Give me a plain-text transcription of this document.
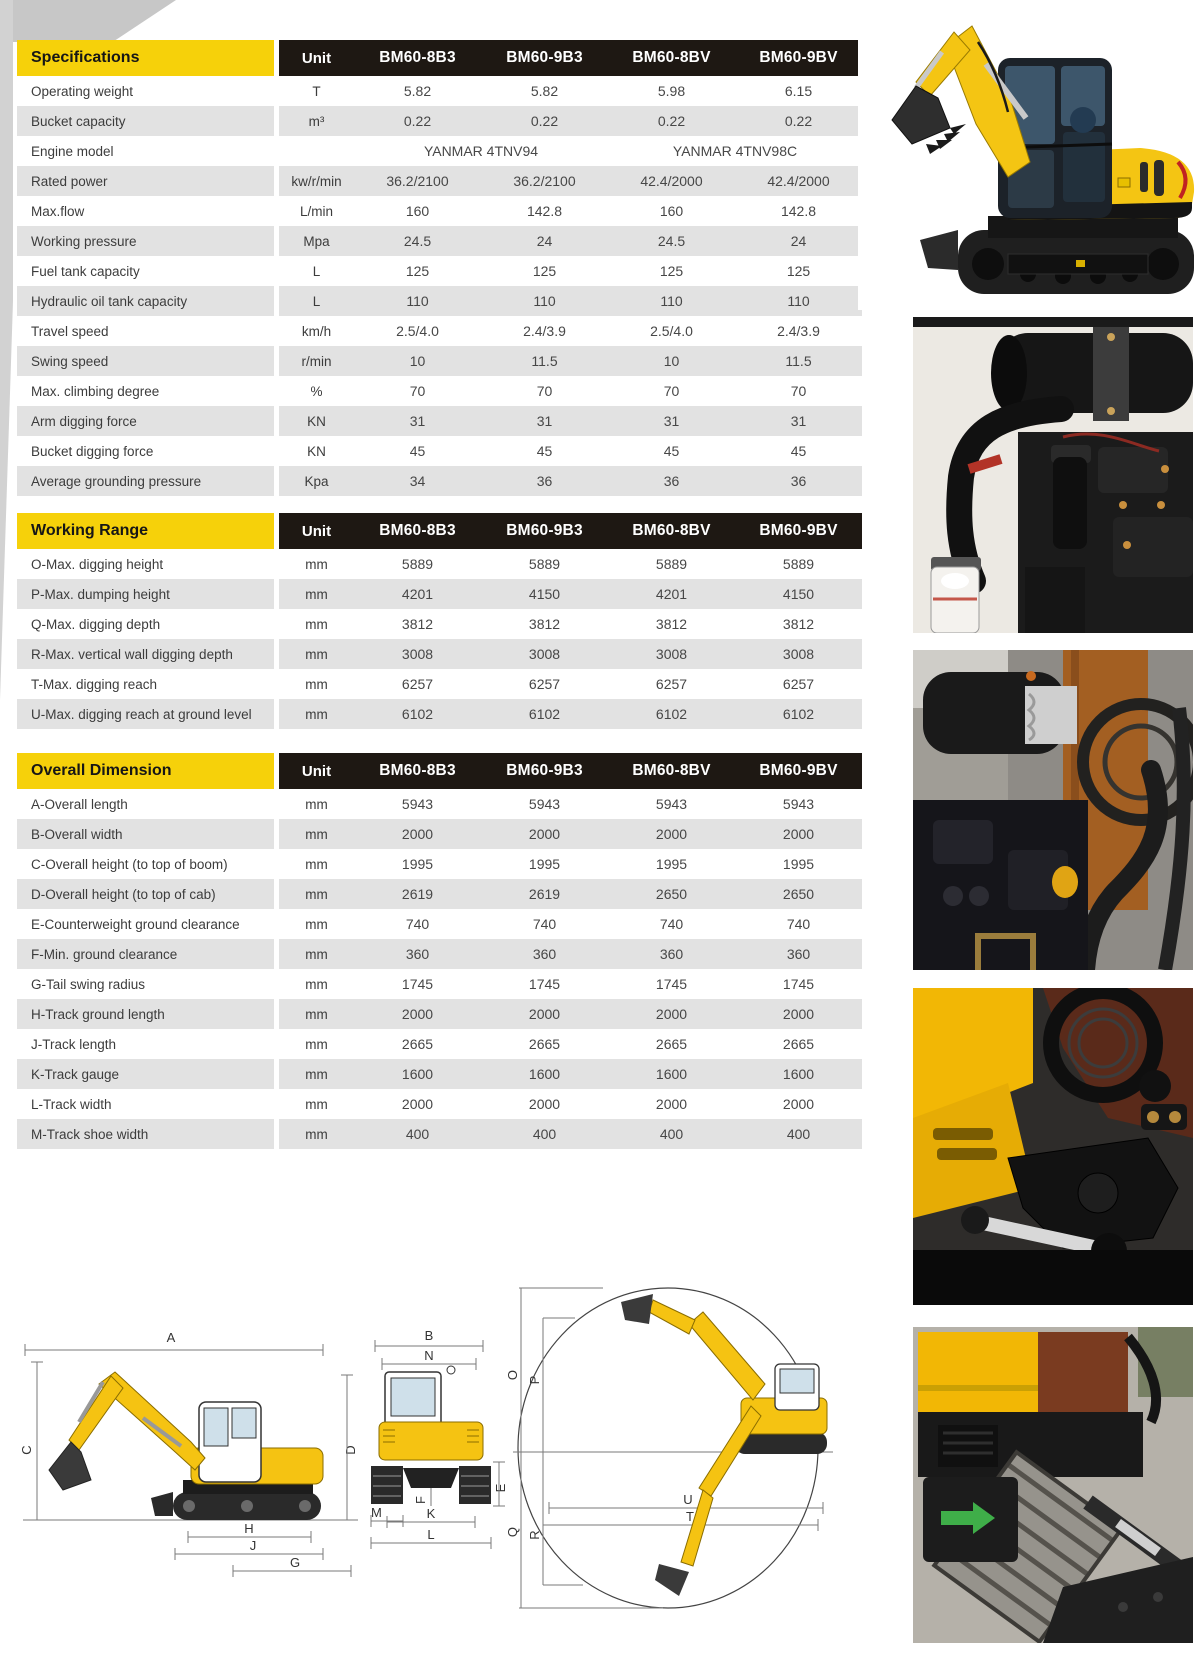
Specifications	Unit	BM60-8B3	BM60-9B3	BM60-8BV	BM60-9BV
Operating weight	T	5.82	5.82	5.98	6.15
Bucket capacity	m³	0.22	0.22	0.22	0.22
Engine model	YANMAR 4TNV94	YANMAR 4TNV98C
Rated power	kw/r/min	36.2/2100	36.2/2100	42.4/2000	42.4/2000
Max.flow	L/min	160	142.8	160	142.8
Working pressure	Mpa	24.5	24	24.5	24
Fuel tank capacity	L	125	125	125	125
Hydraulic oil tank capacity	L	110	110	110	110
Travel speed	km/h	2.5/4.0	2.4/3.9	2.5/4.0	2.4/3.9
Swing speed	r/min	10	11.5	10	11.5
Max. climbing degree	%	70	70	70	70
Arm digging force	KN	31	31	31	31
Bucket digging force	KN	45	45	45	45
Average grounding pressure	Kpa	34	36	36	36
Working Range	Unit	BM60-8B3	BM60-9B3	BM60-8BV	BM60-9BV
O-Max. digging height	mm	5889	5889	5889	5889
P-Max. dumping height	mm	4201	4150	4201	4150
Q-Max. digging depth	mm	3812	3812	3812	3812
R-Max. vertical wall digging depth	mm	3008	3008	3008	3008
T-Max. digging reach	mm	6257	6257	6257	6257
U-Max. digging reach at ground level	mm	6102	6102	6102	6102
Overall Dimension	Unit	BM60-8B3	BM60-9B3	BM60-8BV	BM60-9BV
A-Overall length	mm	5943	5943	5943	5943
B-Overall width	mm	2000	2000	2000	2000
C-Overall height (to top of boom)	mm	1995	1995	1995	1995
D-Overall height (to top of cab)	mm	2619	2619	2650	2650
E-Counterweight ground clearance	mm	740	740	740	740
F-Min. ground clearance	mm	360	360	360	360
G-Tail swing radius	mm	1745	1745	1745	1745
H-Track ground length	mm	2000	2000	2000	2000
J-Track length	mm	2665	2665	2665	2665
K-Track gauge	mm	1600	1600	1600	1600
L-Track width	mm	2000	2000	2000	2000
M-Track shoe width	mm	400	400	400	400
A
C	D
H
J
G
B
N
E
F
M	K
L
O P
Q R
U
T
